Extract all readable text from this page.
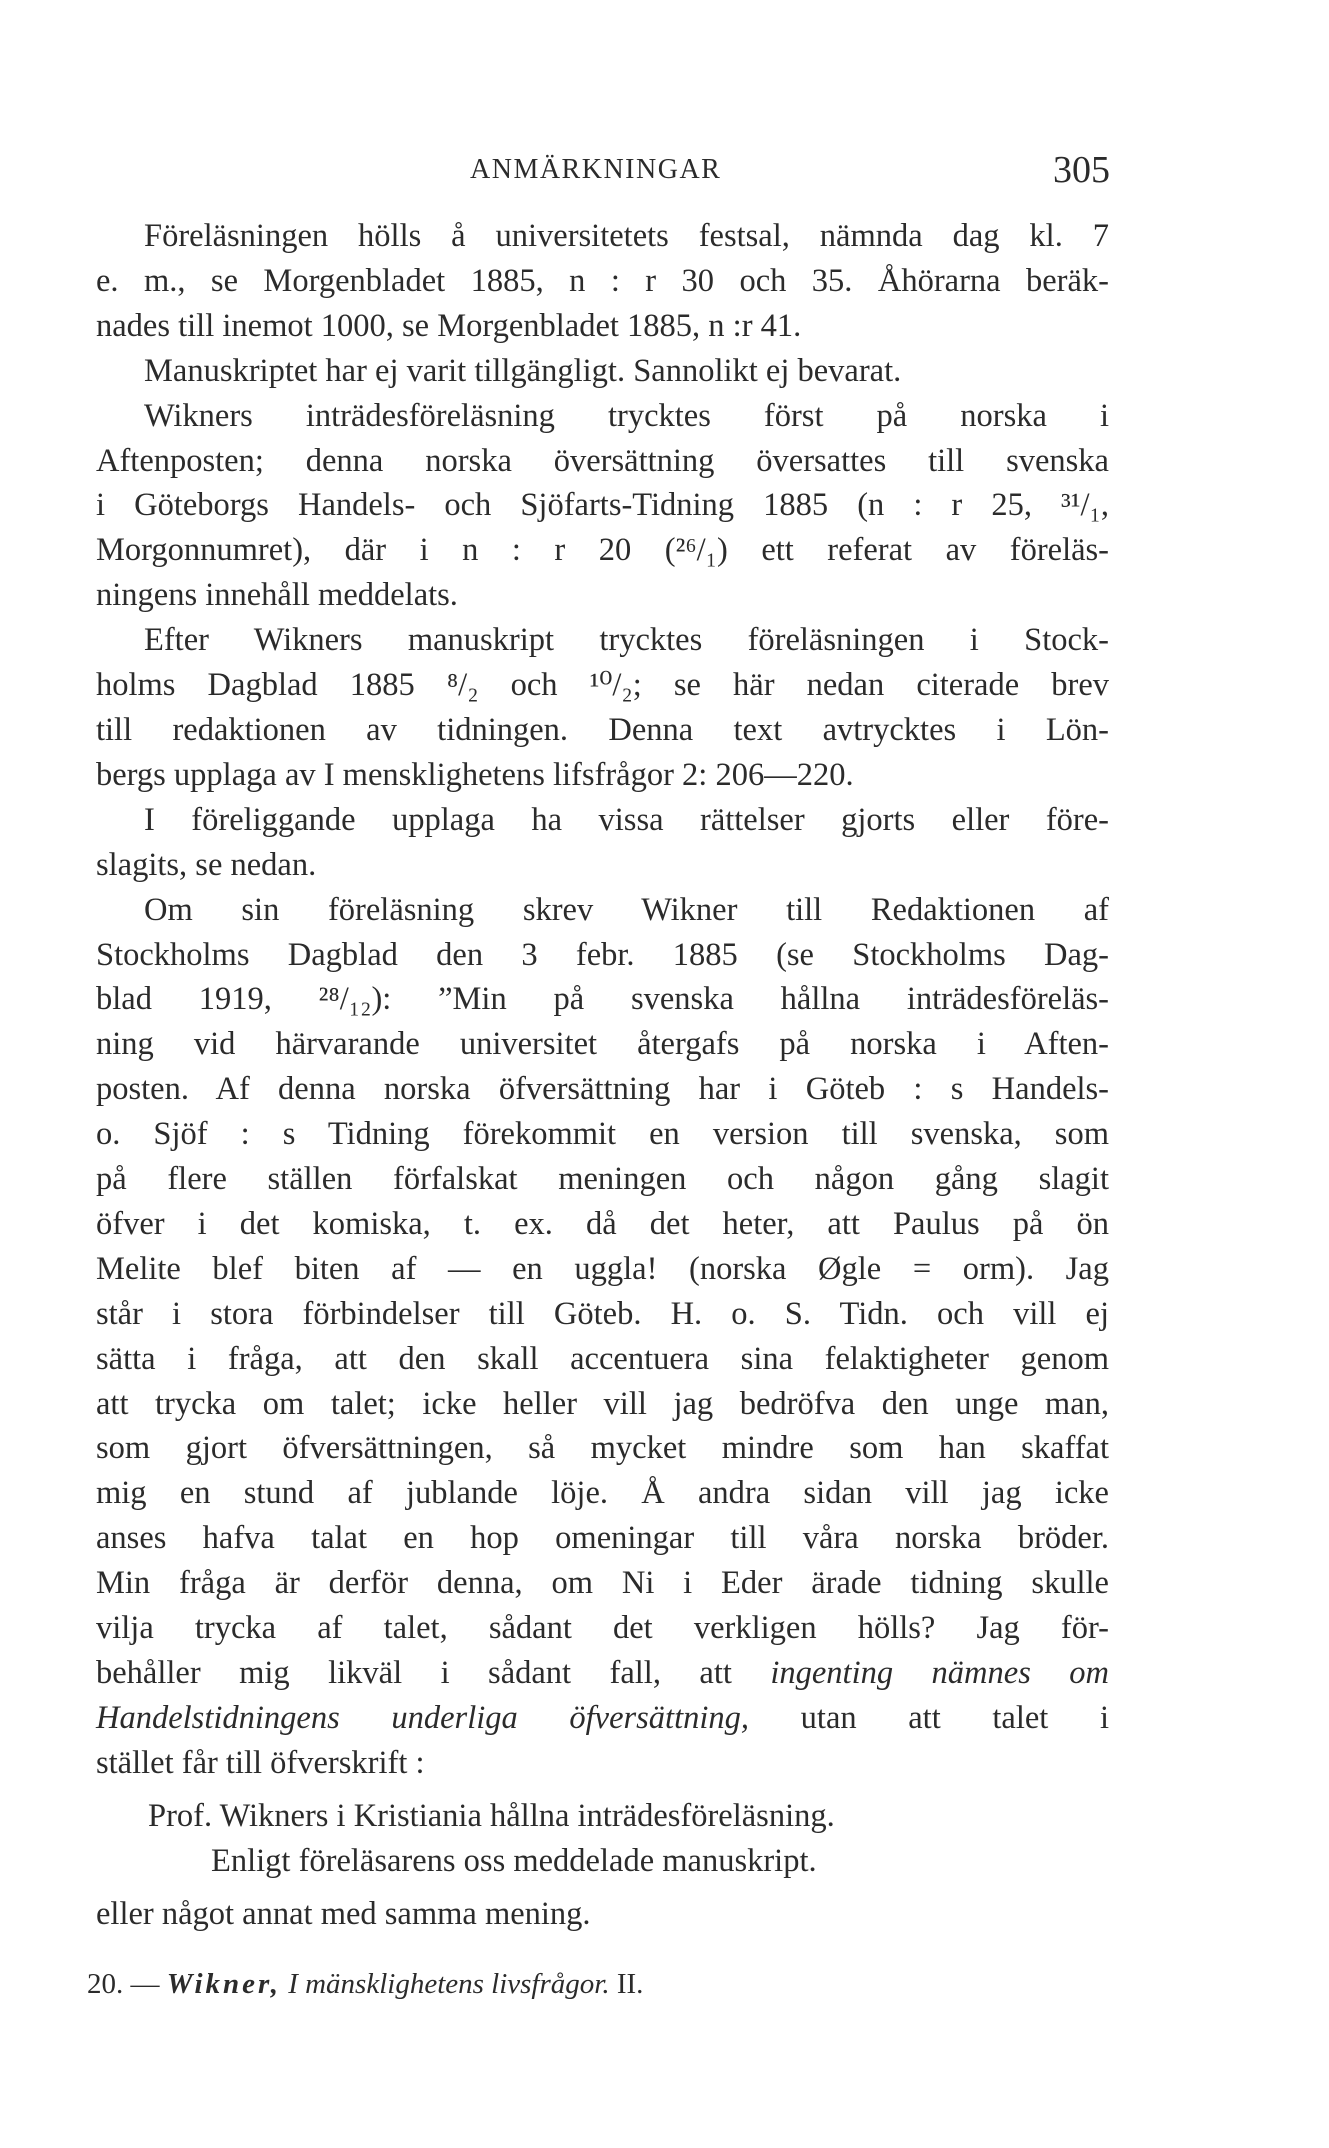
ANMÄRKNINGAR	305

Föreläsningen hölls å universitetets festsal, nämnda dag kl. 7
e. m., se Morgenbladet 1885, n : r 30 och 35. Åhörarna beräk-
nades till inemot 1000, se Morgenbladet 1885, n :r 41.

Manuskriptet har ej varit tillgängligt. Sannolikt ej bevarat.

Wikners inträdesföreläsning trycktes först på norska i
Aftenposten; denna norska översättning översattes till svenska
i Göteborgs Handels- och Sjöfarts-Tidning 1885 (n : r 25, ³¹/₁,
Morgonnumret), där i n : r 20 (²⁶/₁) ett referat av föreläs-
ningens innehåll meddelats.

Efter Wikners manuskript trycktes föreläsningen i Stock-
holms Dagblad 1885 ⁸/₂ och ¹⁰/₂; se här nedan citerade brev
till redaktionen av tidningen. Denna text avtrycktes i Lön-
bergs upplaga av I mensklighetens lifsfrågor 2: 206—220.

I föreliggande upplaga ha vissa rättelser gjorts eller före-
slagits, se nedan.

Om sin föreläsning skrev Wikner till Redaktionen af
Stockholms Dagblad den 3 febr. 1885 (se Stockholms Dag-
blad 1919, ²⁸/₁₂): ”Min på svenska hållna inträdesföreläs-
ning vid härvarande universitet återgafs på norska i Aften-
posten. Af denna norska öfversättning har i Göteb : s Handels-
o. Sjöf : s Tidning förekommit en version till svenska, som
på flere ställen förfalskat meningen och någon gång slagit
öfver i det komiska, t. ex. då det heter, att Paulus på ön
Melite blef biten af — en uggla! (norska Øgle = orm). Jag
står i stora förbindelser till Göteb. H. o. S. Tidn. och vill ej
sätta i fråga, att den skall accentuera sina felaktigheter genom
att trycka om talet; icke heller vill jag bedröfva den unge man,
som gjort öfversättningen, så mycket mindre som han skaffat
mig en stund af jublande löje. Å andra sidan vill jag icke
anses hafva talat en hop omeningar till våra norska bröder.
Min fråga är derför denna, om Ni i Eder ärade tidning skulle
vilja trycka af talet, sådant det verkligen hölls? Jag för-
behåller mig likväl i sådant fall, att ingenting nämnes om
Handelstidningens underliga öfversättning, utan att talet i
stället får till öfverskrift :

Prof. Wikners i Kristiania hållna inträdesföreläsning.
Enligt föreläsarens oss meddelade manuskript.
eller något annat med samma mening.
20. — Wikner, I mänsklighetens livsfrågor. II.
